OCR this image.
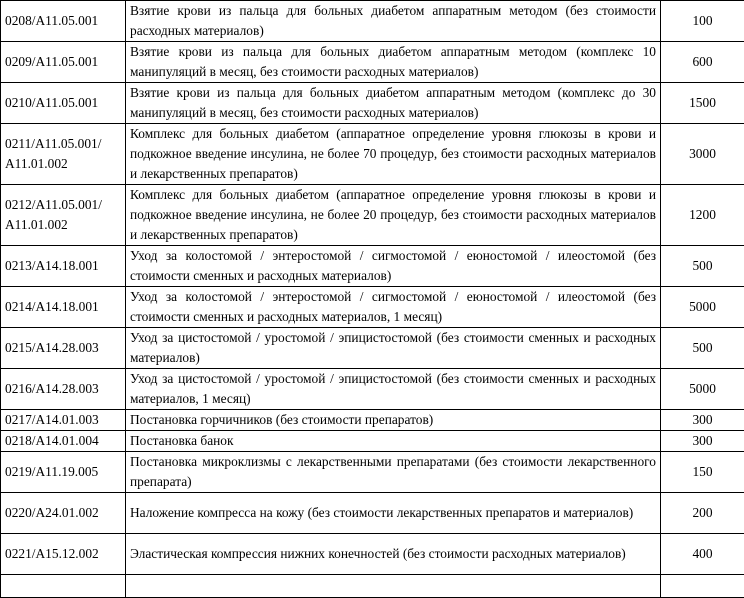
0208/A11.05.001	Взятие крови из пальца для больных диабетом аппаратным методом (без стоимости расходных материалов)	100
0209/A11.05.001	Взятие крови из пальца для больных диабетом аппаратным методом (комплекс 10 манипуляций в месяц, без стоимости расходных материалов)	600
0210/A11.05.001	Взятие крови из пальца для больных диабетом аппаратным методом (комплекс до 30 манипуляций в месяц, без стоимости расходных материалов)	1500
0211/A11.05.001/ A11.01.002	Комплекс для больных диабетом (аппаратное определение уровня глюкозы в крови и подкожное введение инсулина, не более 70 процедур, без стоимости расходных материалов и лекарственных препаратов)	3000
0212/A11.05.001/ A11.01.002	Комплекс для больных диабетом (аппаратное определение уровня глюкозы в крови и подкожное введение инсулина, не более 20 процедур, без стоимости расходных материалов и лекарственных препаратов)	1200
0213/A14.18.001	Уход за колостомой / энтеростомой / сигмостомой / еюностомой / илеостомой (без стоимости сменных и расходных материалов)	500
0214/A14.18.001	Уход за колостомой / энтеростомой / сигмостомой / еюностомой / илеостомой (без стоимости сменных и расходных материалов, 1 месяц)	5000
0215/A14.28.003	Уход за цистостомой / уростомой / эпицистостомой (без стоимости сменных и расходных материалов)	500
0216/A14.28.003	Уход за цистостомой / уростомой / эпицистостомой (без стоимости сменных и расходных материалов, 1 месяц)	5000
0217/A14.01.003	Постановка горчичников (без стоимости препаратов)	300
0218/A14.01.004	Постановка банок	300
0219/A11.19.005	Постановка микроклизмы с лекарственными препаратами (без стоимости лекарственного препарата)	150
0220/A24.01.002	Наложение компресса на кожу (без стоимости лекарственных препаратов и материалов)	200
0221/A15.12.002	Эластическая компрессия нижних конечностей (без стоимости расходных материалов)	400
